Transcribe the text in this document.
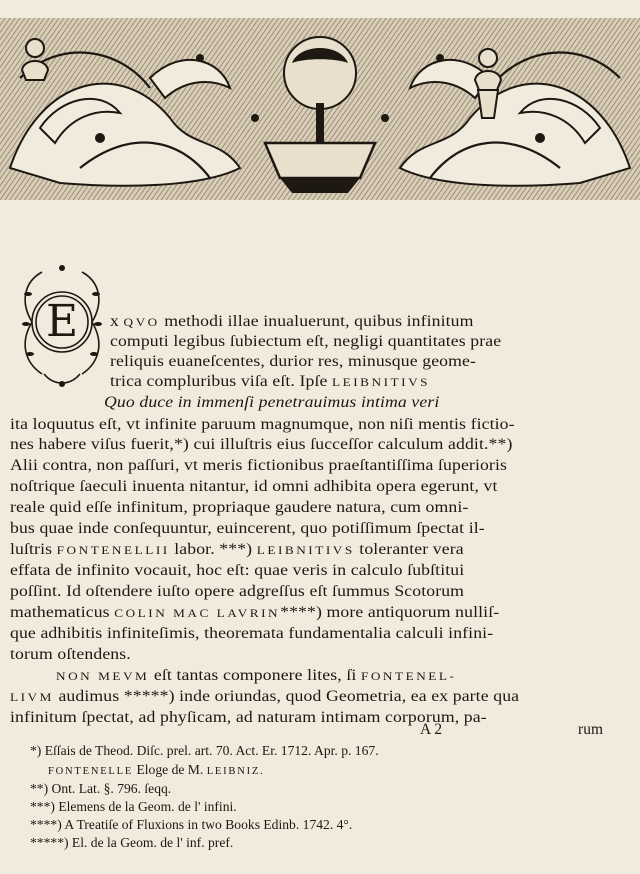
E	x QVO methodi illae inualuerunt, quibus infinitum
computi legibus ſubiectum eſt, negligi quantitates prae
reliquis euaneſcentes, durior res, minusque geome-
trica compluribus viſa eſt. Ipſe LEIBNITIVS
Quo duce in immenſi penetrauimus intima veri
ita loquutus eſt, vt infinite paruum magnumque, non niſi mentis fictio-
nes habere viſus fuerit,*) cui illuſtris eius ſucceſſor calculum addit.**)
Alii contra, non paſſuri, vt meris fictionibus praeſtantiſſima ſuperioris
noſtrique ſaeculi inuenta nitantur, id omni adhibita opera egerunt, vt
reale quid eſſe infinitum, propriaque gaudere natura, cum omni-
bus quae inde conſequuntur, euincerent, quo potiſſimum ſpectat il-
luſtris FONTENELLII labor. ***) LEIBNITIVS toleranter vera
effata de infinito vocauit, hoc eſt: quae veris in calculo ſubſtitui
poſſint. Id oſtendere iuſto opere adgreſſus eſt ſummus Scotorum
mathematicus COLIN MAC LAVRIN****) more antiquorum nulliſ-
que adhibitis infiniteſimis, theoremata fundamentalia calculi infini-
torum oſtendens.
NON MEVM eſt tantas componere lites, ſi FONTENEL-
LIVM audimus *****) inde oriundas, quod Geometria, ea ex parte qua
infinitum ſpectat, ad phyſicam, ad naturam intimam corporum, pa-
A 2	rum
*) Eſſais de Theod. Diſc. prel. art. 70. Act. Er. 1712. Apr. p. 167.
FONTENELLE Eloge de M. LEIBNIZ.
**) Ont. Lat. §. 796. ſeqq.
***) Elemens de la Geom. de l' infini.
****) A Treatiſe of Fluxions in two Books Edinb. 1742. 4°.
*****) El. de la Geom. de l' inf. pref.
